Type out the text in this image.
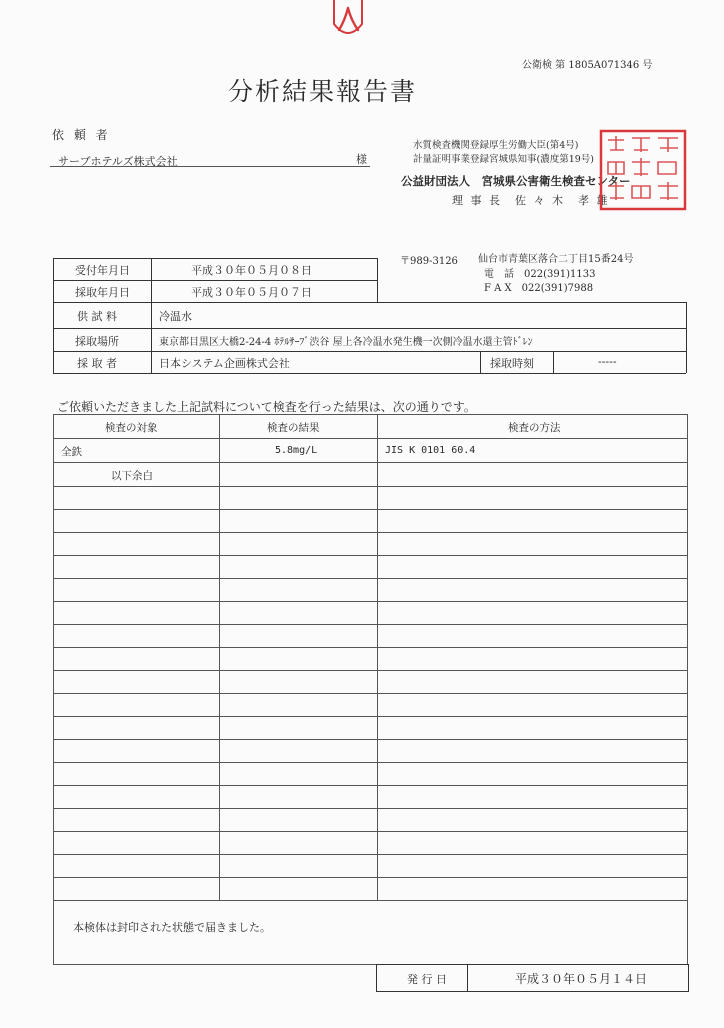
公衛検 第 1805A071346 号
分析結果報告書
依 頼 者
サーブホテルズ株式会社	様
水質検査機関登録厚生労働大臣(第4号)
計量証明事業登録宮城県知事(濃度第19号)
公益財団法人　宮城県公害衛生検査センター
理 事 長　佐 々 木　孝 雄
〒989-3126 仙台市青葉区落合二丁目15番24号
電　話　022(391)1133
F A X　022(391)7988
受付年月日	平成３０年０５月０８日
採取年月日	平成３０年０５月０７日
供 試 料	冷温水
採取場所	東京都目黒区大橋2-24-4 ﾎﾃﾙｻｰﾌﾞ渋谷 屋上各冷温水発生機一次側冷温水還主管ﾄﾞﾚﾝ
採 取 者	日本システム企画株式会社	採取時刻	-----
ご依頼いただきました上記試料について検査を行った結果は、次の通りです。
検査の対象	検査の結果	検査の方法
全鉄	5.8mg/L	JIS K 0101 60.4
以下余白
本検体は封印された状態で届きました。
発 行 日	平成３０年０５月１４日
